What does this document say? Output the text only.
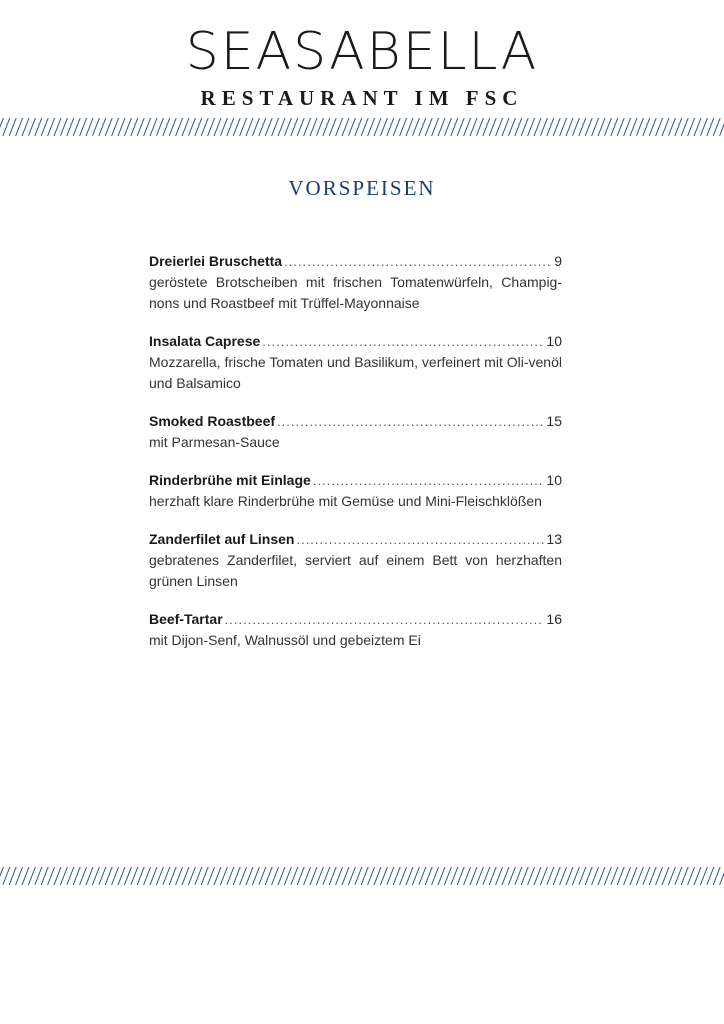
SEASABELLA
RESTAURANT IM FSC
VORSPEISEN
Dreierlei Bruschetta .....	9
geröstete Brotscheiben mit frischen Tomatenwürfeln, Champig-nons und Roastbeef mit Trüffel-Mayonnaise
Insalata Caprese .....	10
Mozzarella, frische Tomaten und Basilikum, verfeinert mit Oli-venöl und Balsamico
Smoked Roastbeef .....	15
mit Parmesan-Sauce
Rinderbrühe mit Einlage .....	10
herzhaft klare Rinderbrühe mit Gemüse und Mini-Fleischklößen
Zanderfilet auf Linsen .....	13
gebratenes Zanderfilet, serviert auf einem Bett von herzhaften grünen Linsen
Beef-Tartar .....	16
mit Dijon-Senf, Walnussöl und gebeiztem Ei
